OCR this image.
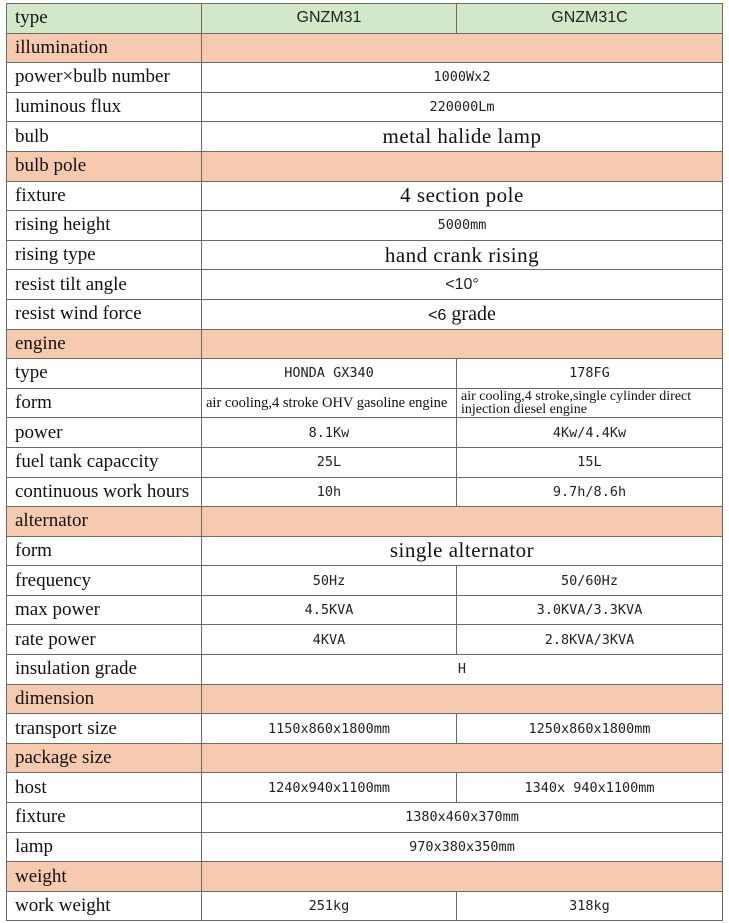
type	GNZM31	GNZM31C
illumination		
power×bulb number	1000Wx2	
luminous flux	220000Lm	
bulb	metal halide lamp	
bulb pole		
fixture	4 section pole	
rising height	5000mm	
rising type	hand crank rising	
resist tilt angle	<10°	
resist wind force	<6 grade	
engine		
type	HONDA GX340	178FG
form	air cooling,4 stroke OHV gasoline engine	air cooling,4 stroke,single cylinder direct injection diesel engine
power	8.1Kw	4Kw/4.4Kw
fuel tank capaccity	25L	15L
continuous work hours	10h	9.7h/8.6h
alternator		
form	single alternator	
frequency	50Hz	50/60Hz
max power	4.5KVA	3.0KVA/3.3KVA
rate power	4KVA	2.8KVA/3KVA
insulation grade	H	
dimension		
transport size	1150x860x1800mm	1250x860x1800mm
package size		
host	1240x940x1100mm	1340x 940x1100mm
fixture	1380x460x370mm	
lamp	970x380x350mm	
weight		
work weight	251kg	318kg
